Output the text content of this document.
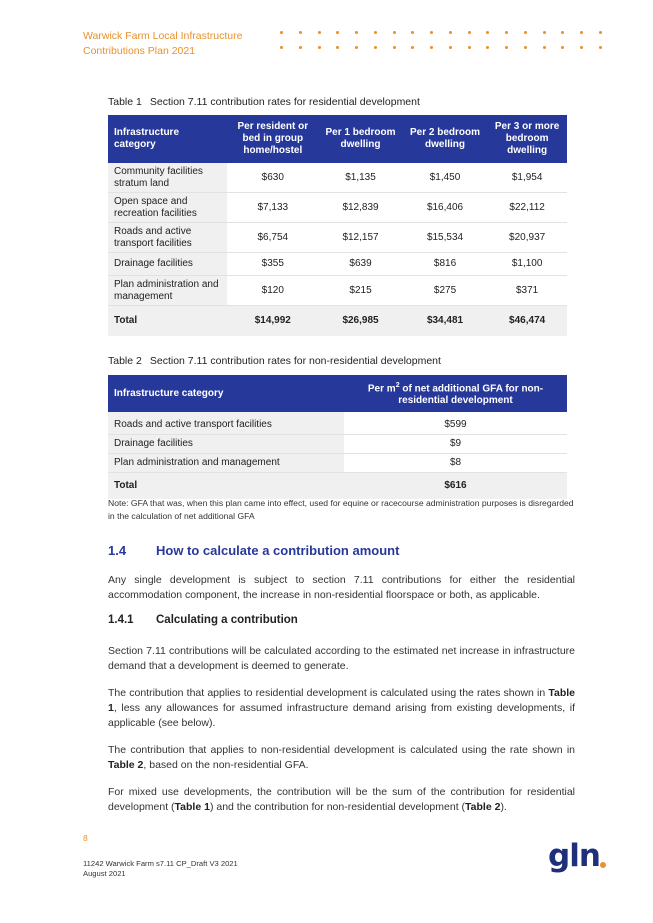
Warwick Farm Local Infrastructure
Contributions Plan 2021
Table 1 Section 7.11 contribution rates for residential development
Infrastructure category	Per resident or bed in group home/hostel	Per 1 bedroom dwelling	Per 2 bedroom dwelling	Per 3 or more bedroom dwelling
Community facilities stratum land	$630	$1,135	$1,450	$1,954
Open space and recreation facilities	$7,133	$12,839	$16,406	$22,112
Roads and active transport facilities	$6,754	$12,157	$15,534	$20,937
Drainage facilities	$355	$639	$816	$1,100
Plan administration and management	$120	$215	$275	$371
Total	$14,992	$26,985	$34,481	$46,474
Table 2 Section 7.11 contribution rates for non-residential development
Infrastructure category	Per $m^2$ of net additional GFA for non-residential development

Roads and active transport facilities	$599
Drainage facilities	$9
Plan administration and management	$8
Total	$616
Note: GFA that was, when this plan came into effect, used for equine or racecourse administration purposes is disregarded in the calculation of net additional GFA
1.4 How to calculate a contribution amount
Any single development is subject to section 7.11 contributions for either the residential accommodation component, the increase in non-residential floorspace or both, as applicable.
1.4.1 Calculating a contribution
Section 7.11 contributions will be calculated according to the estimated net increase in infrastructure demand that a development is deemed to generate.
The contribution that applies to residential development is calculated using the rates shown in Table 1, less any allowances for assumed infrastructure demand arising from existing developments, if applicable (see below).
The contribution that applies to non-residential development is calculated using the rate shown in Table 2, based on the non-residential GFA.
For mixed use developments, the contribution will be the sum of the contribution for residential development (Table 1) and the contribution for non-residential development (Table 2).
8
11242 Warwick Farm s7.11 CP_Draft V3 2021
August 2021	gln
